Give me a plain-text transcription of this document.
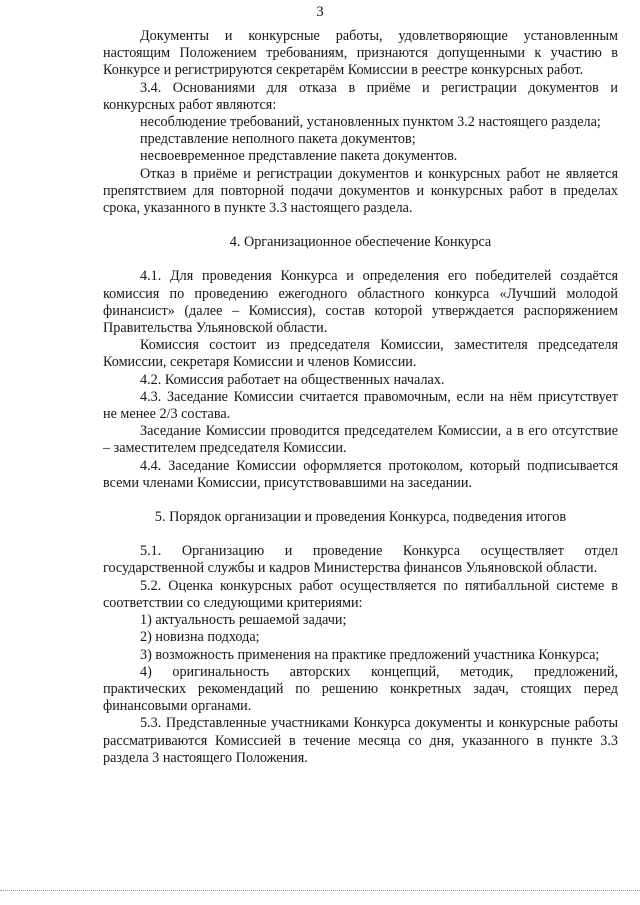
3

Документы и конкурсные работы, удовлетворяющие установленным настоящим Положением требованиям, признаются допущенными к участию в Конкурсе и регистрируются секретарём Комиссии в реестре конкурсных работ.

3.4. Основаниями для отказа в приёме и регистрации документов и конкурсных работ являются:

несоблюдение требований, установленных пунктом 3.2 настоящего раздела;

представление неполного пакета документов;

несвоевременное представление пакета документов.

Отказ в приёме и регистрации документов и конкурсных работ не является препятствием для повторной подачи документов и конкурсных работ в пределах срока, указанного в пункте 3.3 настоящего раздела.

4. Организационное обеспечение Конкурса

4.1. Для проведения Конкурса и определения его победителей создаётся комиссия по проведению ежегодного областного конкурса «Лучший молодой финансист» (далее – Комиссия), состав которой утверждается распоряжением Правительства Ульяновской области.

Комиссия состоит из председателя Комиссии, заместителя председателя Комиссии, секретаря Комиссии и членов Комиссии.

4.2. Комиссия работает на общественных началах.

4.3. Заседание Комиссии считается правомочным, если на нём присутствует не менее 2/3 состава.

Заседание Комиссии проводится председателем Комиссии, а в его отсутствие – заместителем председателя Комиссии.

4.4. Заседание Комиссии оформляется протоколом, который подписывается всеми членами Комиссии, присутствовавшими на заседании.

5. Порядок организации и проведения Конкурса, подведения итогов

5.1. Организацию и проведение Конкурса осуществляет отдел государственной службы и кадров Министерства финансов Ульяновской области.

5.2. Оценка конкурсных работ осуществляется по пятибалльной системе в соответствии со следующими критериями:

1) актуальность решаемой задачи;

2) новизна подхода;

3) возможность применения на практике предложений участника Конкурса;

4) оригинальность авторских концепций, методик, предложений, практических рекомендаций по решению конкретных задач, стоящих перед финансовыми органами.

5.3. Представленные участниками Конкурса документы и конкурсные работы рассматриваются Комиссией в течение месяца со дня, указанного в пункте 3.3 раздела 3 настоящего Положения.
